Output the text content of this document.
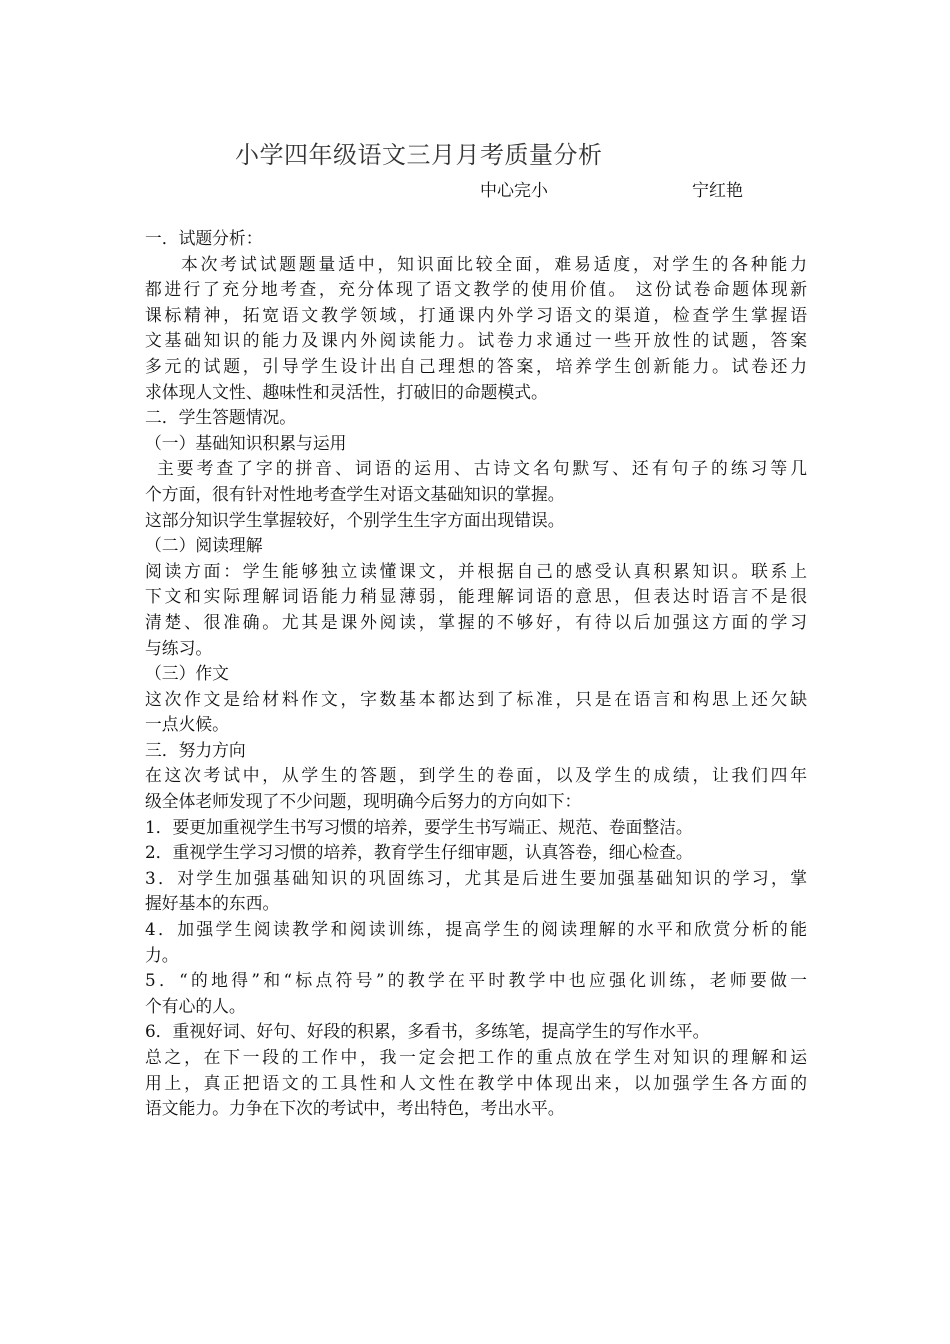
小学四年级语文三月月考质量分析
中心完小	宁红艳
一．试题分析：
本次考试试题题量适中，知识面比较全面，难易适度，对学生的各种能力
都进行了充分地考查，充分体现了语文教学的使用价值。 这份试卷命题体现新
课标精神，拓宽语文教学领域，打通课内外学习语文的渠道，检查学生掌握语
文基础知识的能力及课内外阅读能力。试卷力求通过一些开放性的试题，答案
多元的试题，引导学生设计出自己理想的答案，培养学生创新能力。试卷还力
求体现人文性、趣味性和灵活性，打破旧的命题模式。
二．学生答题情况。
（一）基础知识积累与运用
主要考查了字的拼音、词语的运用、古诗文名句默写、还有句子的练习等几
个方面，很有针对性地考查学生对语文基础知识的掌握。
这部分知识学生掌握较好，个别学生生字方面出现错误。
（二）阅读理解
阅读方面：学生能够独立读懂课文，并根据自己的感受认真积累知识。联系上
下文和实际理解词语能力稍显薄弱，能理解词语的意思，但表达时语言不是很
清楚、很准确。尤其是课外阅读，掌握的不够好，有待以后加强这方面的学习
与练习。
（三）作文
这次作文是给材料作文，字数基本都达到了标准，只是在语言和构思上还欠缺
一点火候。
三．努力方向
在这次考试中，从学生的答题，到学生的卷面，以及学生的成绩，让我们四年
级全体老师发现了不少问题，现明确今后努力的方向如下：
1．要更加重视学生书写习惯的培养，要学生书写端正、规范、卷面整洁。
2．重视学生学习习惯的培养，教育学生仔细审题，认真答卷，细心检查。
3．对学生加强基础知识的巩固练习，尤其是后进生要加强基础知识的学习，掌
握好基本的东西。
4．加强学生阅读教学和阅读训练，提高学生的阅读理解的水平和欣赏分析的能
力。
5．“的地得”和“标点符号”的教学在平时教学中也应强化训练，老师要做一
个有心的人。
6．重视好词、好句、好段的积累，多看书，多练笔，提高学生的写作水平。
总之，在下一段的工作中，我一定会把工作的重点放在学生对知识的理解和运
用上，真正把语文的工具性和人文性在教学中体现出来，以加强学生各方面的
语文能力。力争在下次的考试中，考出特色，考出水平。
